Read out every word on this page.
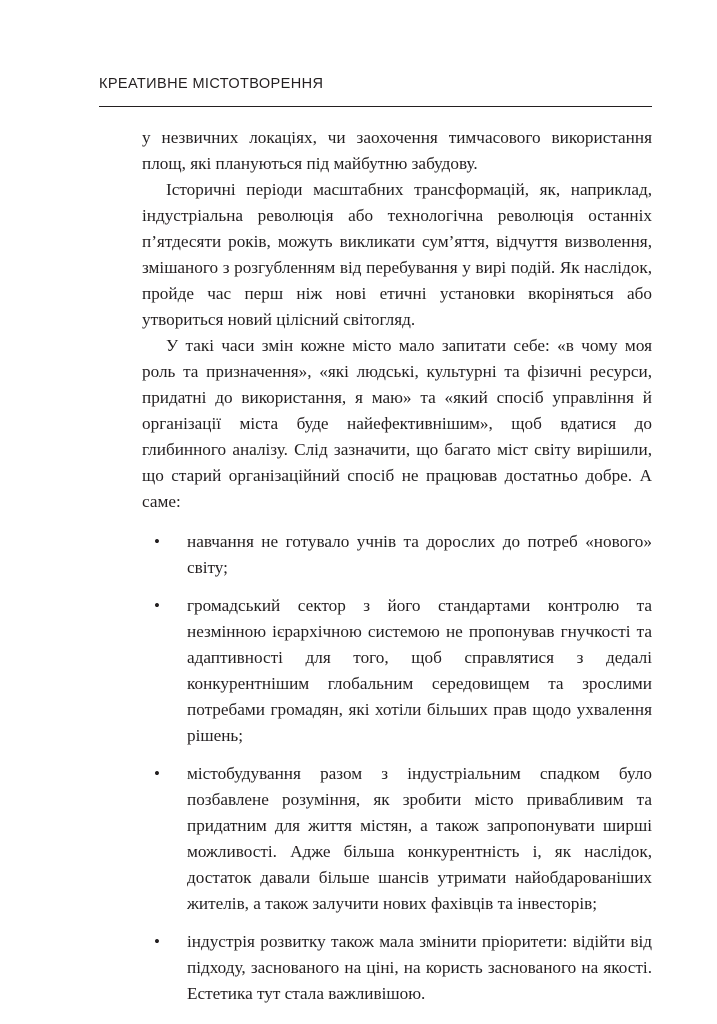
КРЕАТИВНЕ МІСТОТВОРЕННЯ

у незвичних локаціях, чи заохочення тимчасового використання площ, які плануються під майбутню забудову.

Історичні періоди масштабних трансформацій, як, наприклад, індустріальна революція або технологічна революція останніх п’ятдесяти років, можуть викликати сум’яття, відчуття визволення, змішаного з розгубленням від перебування у вирі подій. Як наслідок, пройде час перш ніж нові етичні установки вкоріняться або утвориться новий цілісний світогляд.

У такі часи змін кожне місто мало запитати себе: «в чому моя роль та призначення», «які людські, культурні та фізичні ресурси, придатні до використання, я маю» та «який спосіб управління й організації міста буде найефективнішим», щоб вдатися до глибинного аналізу. Слід зазначити, що багато міст світу вирішили, що старий організаційний спосіб не працював достатньо добре. А саме:

• навчання не готувало учнів та дорослих до потреб «нового» світу;
• громадський сектор з його стандартами контролю та незмінною ієрархічною системою не пропонував гнучкості та адаптивності для того, щоб справлятися з дедалі конкурентнішим глобальним середовищем та зрослими потребами громадян, які хотіли більших прав щодо ухвалення рішень;
• містобудування разом з індустріальним спадком було позбавлене розуміння, як зробити місто привабливим та придатним для життя містян, а також запропонувати ширші можливості. Адже більша конкурентність і, як наслідок, достаток давали більше шансів утримати найобдарованіших жителів, а також залучити нових фахівців та інвесторів;
• індустрія розвитку також мала змінити пріоритети: відійти від підходу, заснованого на ціні, на користь заснованого на якості. Естетика тут стала важливішою.
